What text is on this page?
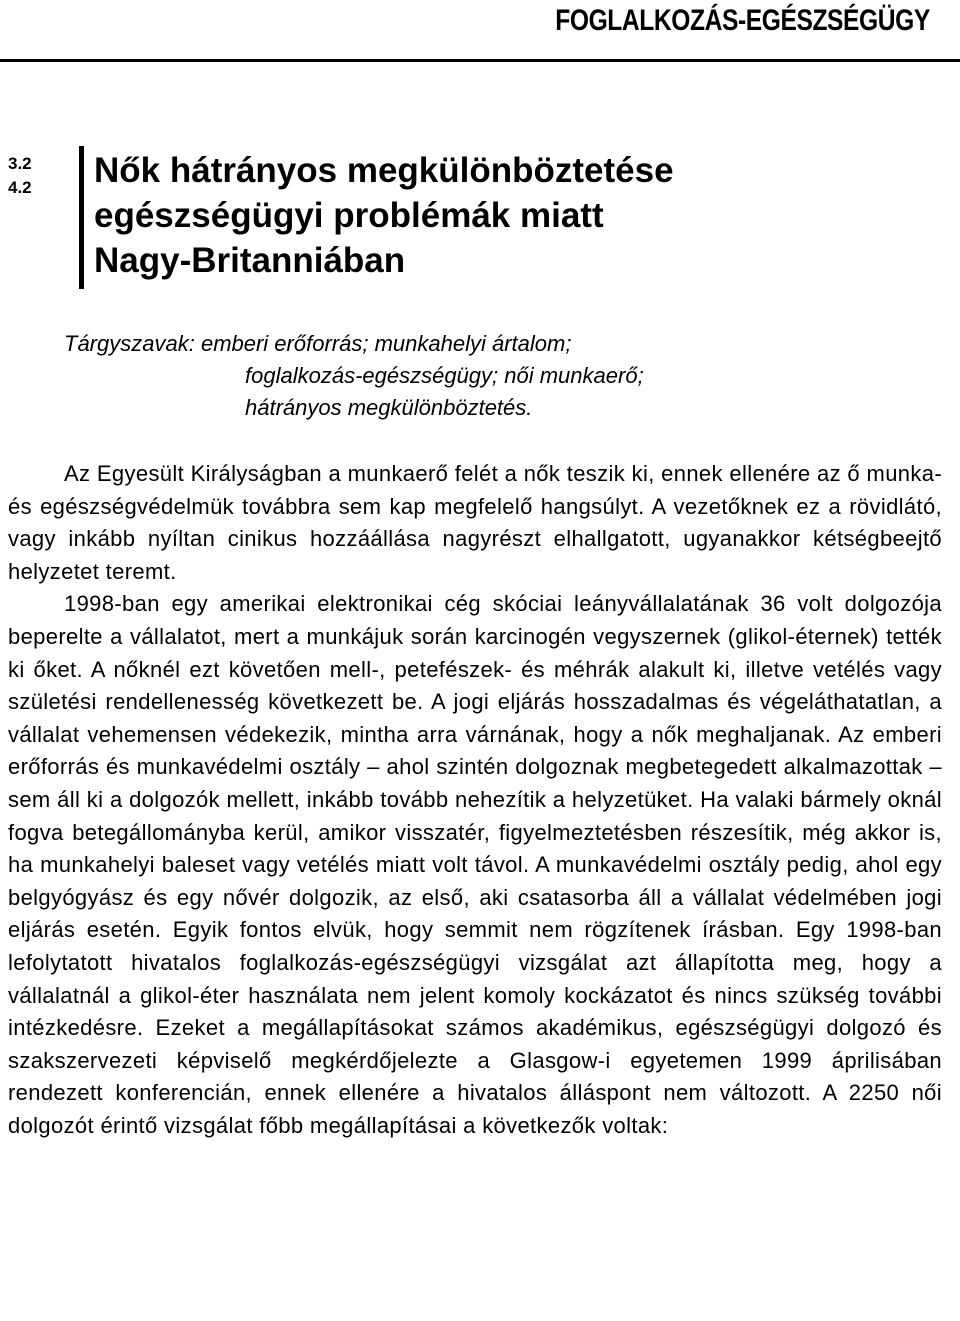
FOGLALKOZÁS-EGÉSZSÉGÜGY
3.2
4.2 Nők hátrányos megkülönböztetése
egészségügyi problémák miatt
Nagy-Britanniában
Tárgyszavak: emberi erőforrás; munkahelyi ártalom;
foglalkozás-egészségügy; női munkaerő;
hátrányos megkülönböztetés.

Az Egyesült Királyságban a munkaerő felét a nők teszik ki, ennek ellenére az ő munka- és egészségvédelmük továbbra sem kap megfelelő hangsúlyt. A vezetőknek ez a rövidlátó, vagy inkább nyíltan cinikus hozzáállása nagyrészt elhallgatott, ugyanakkor kétségbeejtő helyzetet teremt.

1998-ban egy amerikai elektronikai cég skóciai leányvállalatának 36 volt dolgozója beperelte a vállalatot, mert a munkájuk során karcinogén vegyszernek (glikol-éternek) tették ki őket. A nőknél ezt követően mell-, petefészek- és méhrák alakult ki, illetve vetélés vagy születési rendellenesség következett be. A jogi eljárás hosszadalmas és végeláthatatlan, a vállalat vehemensen védekezik, mintha arra várnának, hogy a nők meghaljanak. Az emberi erőforrás és munkavédelmi osztály – ahol szintén dolgoznak megbetegedett alkalmazottak – sem áll ki a dolgozók mellett, inkább tovább nehezítik a helyzetüket. Ha valaki bármely oknál fogva betegállományba kerül, amikor visszatér, figyelmeztetésben részesítik, még akkor is, ha munkahelyi baleset vagy vetélés miatt volt távol. A munkavédelmi osztály pedig, ahol egy belgyógyász és egy nővér dolgozik, az első, aki csatasorba áll a vállalat védelmében jogi eljárás esetén. Egyik fontos elvük, hogy semmit nem rögzítenek írásban. Egy 1998-ban lefolytatott hivatalos foglalkozás-egészségügyi vizsgálat azt állapította meg, hogy a vállalatnál a glikol-éter használata nem jelent komoly kockázatot és nincs szükség további intézkedésre. Ezeket a megállapításokat számos akadémikus, egészségügyi dolgozó és szakszervezeti képviselő megkérdőjelezte a Glasgow-i egyetemen 1999 áprilisában rendezett konferencián, ennek ellenére a hivatalos álláspont nem változott. A 2250 női dolgozót érintő vizsgálat főbb megállapításai a következők voltak:
